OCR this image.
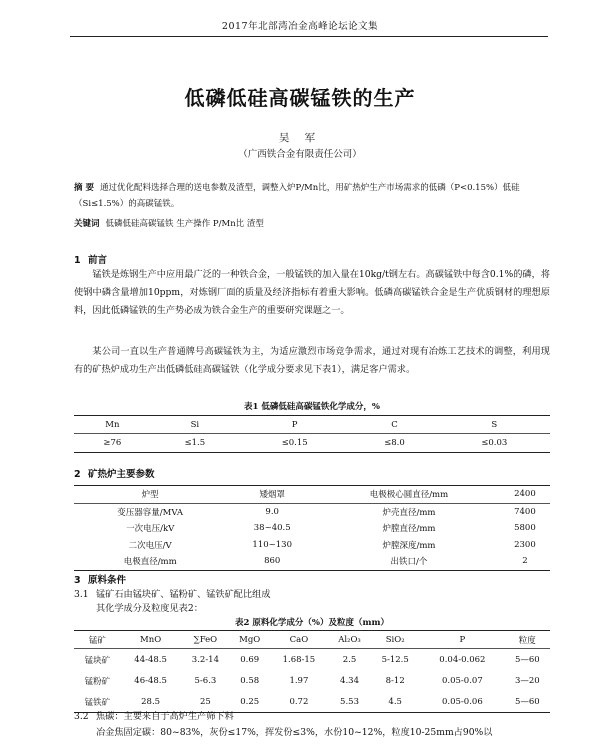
2017年北部湾冶金高峰论坛论文集
低磷低硅高碳锰铁的生产
吴 军
（广西铁合金有限责任公司）
摘 要 通过优化配料选择合理的送电参数及渣型，调整入炉P/Mn比，用矿热炉生产市场需求的低磷（P<0.15%）低硅（Si≤1.5%）的高碳锰铁。
关键词 低磷低硅高碳锰铁 生产操作 P/Mn比 渣型
1 前言
锰铁是炼钢生产中应用最广泛的一种铁合金，一般锰铁的加入量在10kg/t钢左右。高碳锰铁中每含0.1%的磷，将使钢中磷含量增加10ppm，对炼钢厂面的质量及经济指标有着重大影响。低磷高碳锰铁合金是生产优质钢材的理想原料，因此低磷锰铁的生产势必成为铁合金生产的重要研究课题之一。
某公司一直以生产普通牌号高碳锰铁为主，为适应激烈市场竞争需求，通过对现有冶炼工艺技术的调整，利用现有的矿热炉成功生产出低磷低硅高碳锰铁（化学成分要求见下表1），满足客户需求。
表1 低磷低硅高碳锰铁化学成分，%
Mn	Si	P	C	S
≥76	≤1.5	≤0.15	≤8.0	≤0.03
2 矿热炉主要参数
炉型	矮烟罩	电极极心圆直径/mm	2400
变压器容量/MVA	9.0	炉壳直径/mm	7400
一次电压/kV	38~40.5	炉膛直径/mm	5800
二次电压/V	110~130	炉膛深度/mm	2300
电极直径/mm	860	出铁口/个	2
3 原料条件
3.1 锰矿石由锰块矿、锰粉矿、锰铁矿配比组成
其化学成分及粒度见表2：
表2 原料化学成分（%）及粒度（mm）
锰矿	MnO	∑FeO	MgO	CaO	Al₂O₃	SiO₂	P	粒度
锰块矿	44-48.5	3.2-14	0.69	1.68-15	2.5	5-12.5	0.04-0.062	5—60
锰粉矿	46-48.5	5-6.3	0.58	1.97	4.34	8-12	0.05-0.07	3—20
锰铁矿	28.5	25	0.25	0.72	5.53	4.5	0.05-0.06	5—60
3.2 焦碳：主要来自于高炉生产筛下料
冶金焦固定碳：80~83%，灰份≤17%，挥发份≤3%，水份10~12%，粒度10-25mm占90%以
